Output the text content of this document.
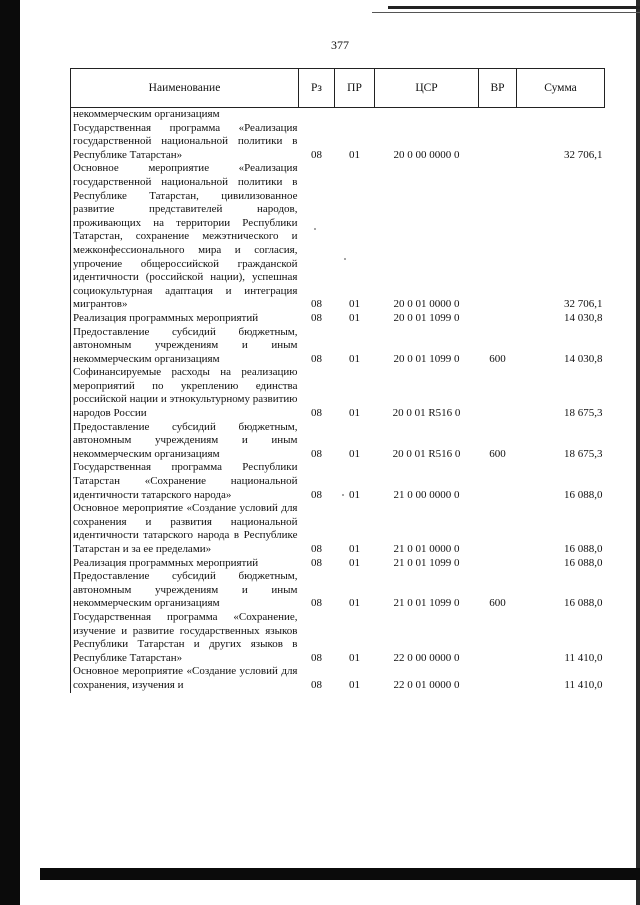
377
Наименование	Рз	ПР	ЦСР	ВР	Сумма
некоммерческим организациям					
Государственная программа «Реализация государственной национальной политики в Республике Татарстан»	08	01	20 0 00 0000 0		32 706,1
Основное мероприятие «Реализация государственной национальной политики в Республике Татарстан, цивилизованное развитие представителей народов, проживающих на территории Республики Татарстан, сохранение межэтнического и межконфессионального мира и согласия, упрочение общероссийской гражданской идентичности (российской нации), успешная социокультурная адаптация и интеграция мигрантов»	08	01	20 0 01 0000 0		32 706,1
Реализация программных мероприятий	08	01	20 0 01 1099 0		14 030,8
Предоставление субсидий бюджетным, автономным учреждениям и иным некоммерческим организациям	08	01	20 0 01 1099 0	600	14 030,8
Софинансируемые расходы на реализацию мероприятий по укреплению единства российской нации и этнокультурному развитию народов России	08	01	20 0 01 R516 0		18 675,3
Предоставление субсидий бюджетным, автономным учреждениям и иным некоммерческим организациям	08	01	20 0 01 R516 0	600	18 675,3
Государственная программа Республики Татарстан «Сохранение национальной идентичности татарского народа»	08	01	21 0 00 0000 0		16 088,0
Основное мероприятие «Создание условий для сохранения и развития национальной идентичности татарского народа в Республике Татарстан и за ее пределами»	08	01	21 0 01 0000 0		16 088,0
Реализация программных мероприятий	08	01	21 0 01 1099 0		16 088,0
Предоставление субсидий бюджетным, автономным учреждениям и иным некоммерческим организациям	08	01	21 0 01 1099 0	600	16 088,0
Государственная программа «Сохранение, изучение и развитие государственных языков Республики Татарстан и других языков в Республике Татарстан»	08	01	22 0 00 0000 0		11 410,0
Основное мероприятие «Создание условий для сохранения, изучения и	08	01	22 0 01 0000 0		11 410,0
